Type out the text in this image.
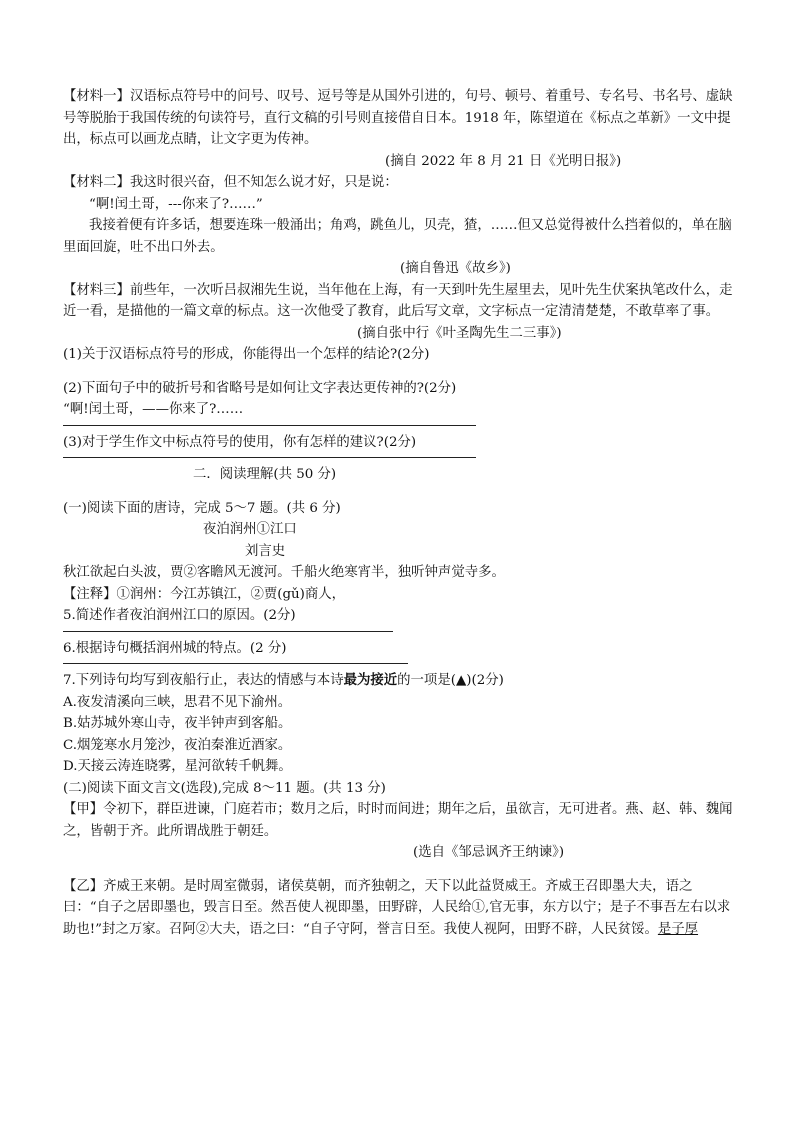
【材料一】汉语标点符号中的问号、叹号、逗号等是从国外引进的，句号、顿号、着重号、专名号、书名号、虚缺号等脱胎于我国传统的句读符号，直行文稿的引号则直接借自日本。1918 年，陈望道在《标点之革新》一文中提出，标点可以画龙点睛，让文字更为传神。

(摘自 2022 年 8 月 21 日《光明日报》)

【材料二】我这时很兴奋，但不知怎么说才好，只是说：

“啊!闰土哥，---你来了?……”

我接着便有许多话，想要连珠一般涌出；角鸡，跳鱼儿，贝壳，猹，……但又总觉得被什么挡着似的，单在脑里面回旋，吐不出口外去。

(摘自鲁迅《故乡》)

【材料三】前些年，一次听吕叔湘先生说，当年他在上海，有一天到叶先生屋里去，见叶先生伏案执笔改什么，走近一看，是描他的一篇文章的标点。这一次他受了教育，此后写文章，文字标点一定清清楚楚，不敢草率了事。

(摘自张中行《叶圣陶先生二三事》)

(1)关于汉语标点符号的形成，你能得出一个怎样的结论?(2分)

(2)下面句子中的破折号和省略号是如何让文字表达更传神的?(2分)

“啊!闰土哥，——你来了?……

(3)对于学生作文中标点符号的使用，你有怎样的建议?(2分)

二．阅读理解(共 50 分)

(一)阅读下面的唐诗，完成 5～7 题。(共 6 分)

夜泊润州①江口

刘言史

秋江欲起白头波，贾②客瞻风无渡河。千船火绝寒宵半，独听钟声觉寺多。

【注释】①润州：今江苏镇江，②贾(gǔ)商人，

5.简述作者夜泊润州江口的原因。(2分)

6.根据诗句概括润州城的特点。(2 分)

7.下列诗句均写到夜船行止，表达的情感与本诗最为接近的一项是(▲)(2分)

A.夜发清溪向三峡，思君不见下渝州。

B.姑苏城外寒山寺，夜半钟声到客船。

C.烟笼寒水月笼沙，夜泊秦淮近酒家。

D.天接云涛连晓雾，星河欲转千帆舞。

(二)阅读下面文言文(选段),完成 8～11 题。(共 13 分)

【甲】令初下，群臣进谏，门庭若市；数月之后，时时而间进；期年之后，虽欲言，无可进者。燕、赵、韩、魏闻之，皆朝于齐。此所谓战胜于朝廷。

(选自《邹忌讽齐王纳谏》)

【乙】齐威王来朝。是时周室微弱，诸侯莫朝，而齐独朝之，天下以此益贤威王。齐威王召即墨大夫，语之曰：“自子之居即墨也，毁言日至。然吾使人视即墨，田野辟，人民给①,官无事，东方以宁；是子不事吾左右以求助也!”封之万家。召阿②大夫，语之曰：“自子守阿，誉言日至。我使人视阿，田野不辟，人民贫馁。是子厚
